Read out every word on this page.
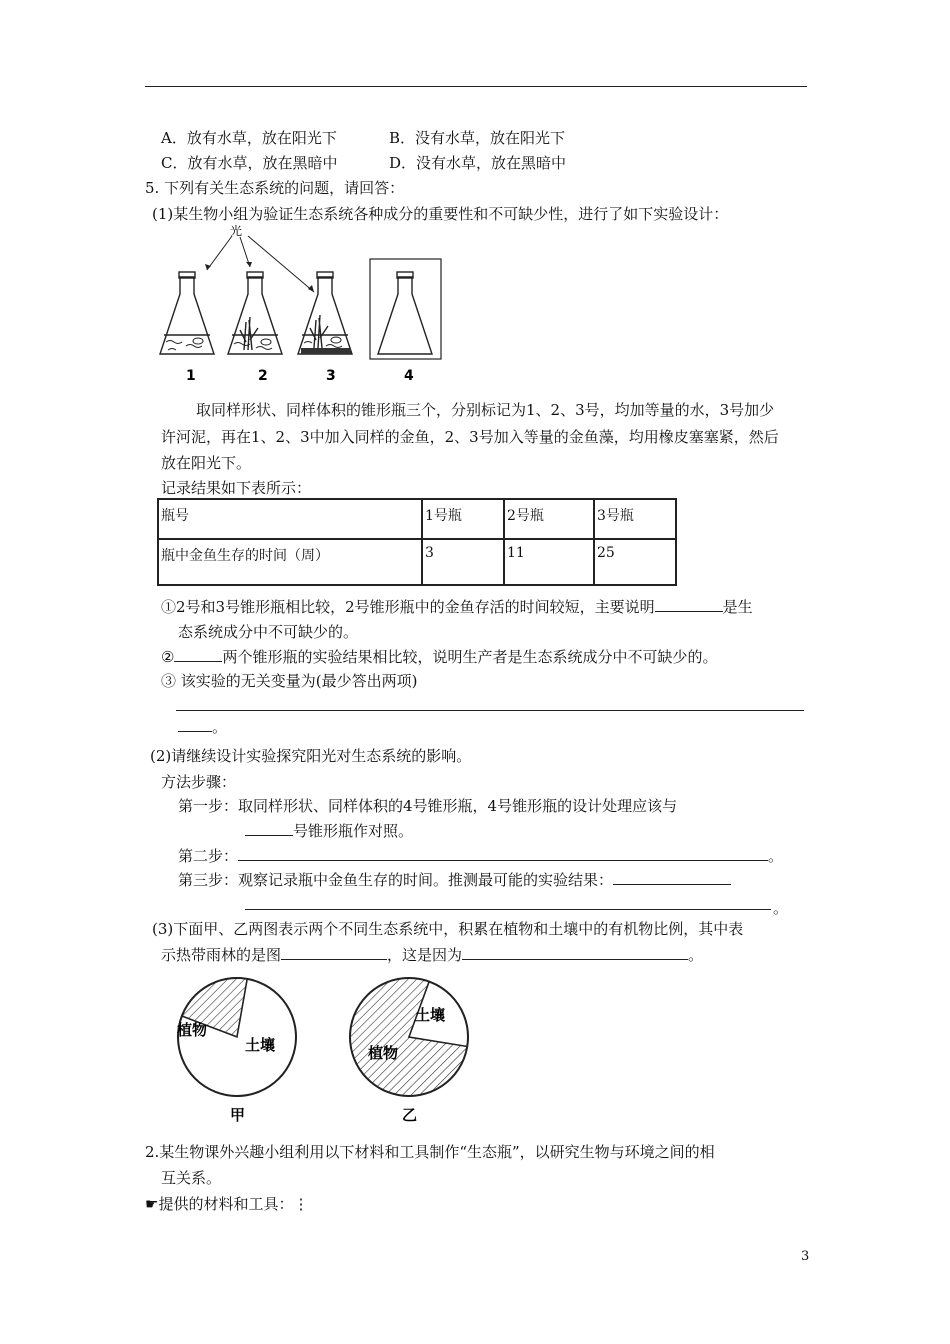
A．放有水草，放在阳光下	B．没有水草，放在阳光下
C．放有水草，放在黑暗中	D．没有水草，放在黑暗中
5. 下列有关生态系统的问题，请回答：
(1)某生物小组为验证生态系统各种成分的重要性和不可缺少性，进行了如下实验设计：
光
1	2	3	4
取同样形状、同样体积的锥形瓶三个，分别标记为1、2、3号，均加等量的水，3号加少
许河泥，再在1、2、3中加入同样的金鱼，2、3号加入等量的金鱼藻，均用橡皮塞塞紧，然后
放在阳光下。
记录结果如下表所示：
瓶号	1号瓶	2号瓶	3号瓶
瓶中金鱼生存的时间（周）	3	11	25
①2号和3号锥形瓶相比较，2号锥形瓶中的金鱼存活的时间较短，主要说明	是生
态系统成分中不可缺少的。
②	两个锥形瓶的实验结果相比较，说明生产者是生态系统成分中不可缺少的。
③ 该实验的无关变量为(最少答出两项)
。
(2)请继续设计实验探究阳光对生态系统的影响。
方法步骤：
第一步：取同样形状、同样体积的4号锥形瓶，4号锥形瓶的设计处理应该与
号锥形瓶作对照。
第二步：	。
第三步：观察记录瓶中金鱼生存的时间。推测最可能的实验结果：
。
(3)下面甲、乙两图表示两个不同生态系统中，积累在植物和土壤中的有机物比例，其中表
示热带雨林的是图	，这是因为	。
植物
土壤
甲
土壤
植物
乙
2.某生物课外兴趣小组利用以下材料和工具制作“生态瓶”，以研究生物与环境之间的相
互关系。
☛提供的材料和工具：⋮
3
